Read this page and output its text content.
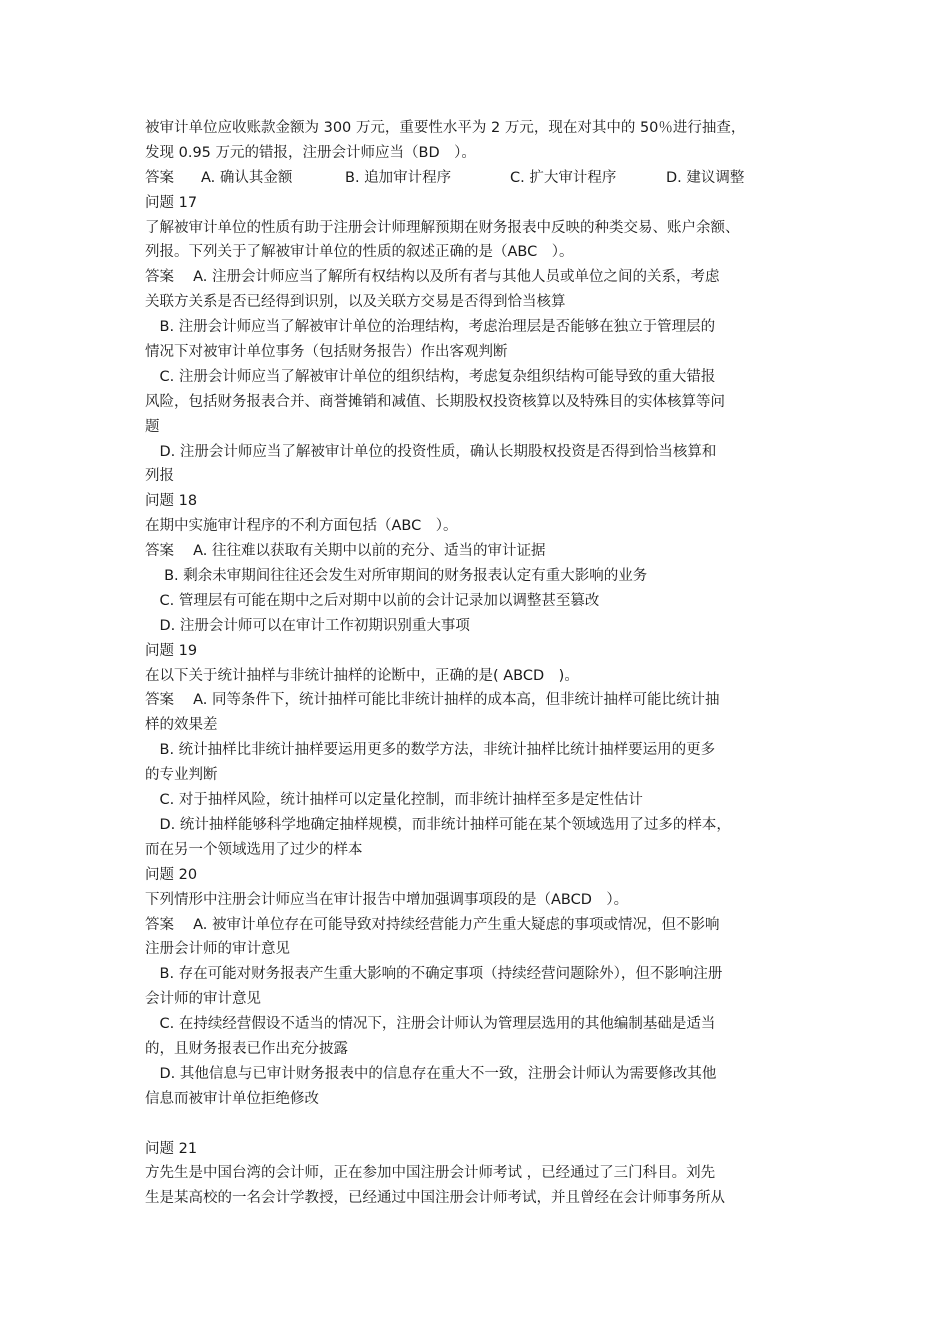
被审计单位应收账款金额为 300 万元，重要性水平为 2 万元，现在对其中的 50％进行抽查，
发现 0.95 万元的错报，注册会计师应当（BD　）。
答案 A. 确认其金额	B. 追加审计程序	C. 扩大审计程序	D. 建议调整
问题 17
了解被审计单位的性质有助于注册会计师理解预期在财务报表中反映的种类交易、账户余额、
列报。下列关于了解被审计单位的性质的叙述正确的是（ABC　）。
答案　 A. 注册会计师应当了解所有权结构以及所有者与其他人员或单位之间的关系，考虑
关联方关系是否已经得到识别，以及关联方交易是否得到恰当核算
　B. 注册会计师应当了解被审计单位的治理结构，考虑治理层是否能够在独立于管理层的
情况下对被审计单位事务（包括财务报告）作出客观判断
　C. 注册会计师应当了解被审计单位的组织结构，考虑复杂组织结构可能导致的重大错报
风险，包括财务报表合并、商誉摊销和减值、长期股权投资核算以及特殊目的实体核算等问
题
　D. 注册会计师应当了解被审计单位的投资性质，确认长期股权投资是否得到恰当核算和
列报
问题 18
在期中实施审计程序的不利方面包括（ABC　）。
答案　 A. 往往难以获取有关期中以前的充分、适当的审计证据
　 B. 剩余未审期间往往还会发生对所审期间的财务报表认定有重大影响的业务
　C. 管理层有可能在期中之后对期中以前的会计记录加以调整甚至篡改
　D. 注册会计师可以在审计工作初期识别重大事项
问题 19
在以下关于统计抽样与非统计抽样的论断中，正确的是( ABCD　)。
答案　 A. 同等条件下，统计抽样可能比非统计抽样的成本高，但非统计抽样可能比统计抽
样的效果差
　B. 统计抽样比非统计抽样要运用更多的数学方法，非统计抽样比统计抽样要运用的更多
的专业判断
　C. 对于抽样风险，统计抽样可以定量化控制，而非统计抽样至多是定性估计
　D. 统计抽样能够科学地确定抽样规模，而非统计抽样可能在某个领域选用了过多的样本，
而在另一个领域选用了过少的样本
问题 20
下列情形中注册会计师应当在审计报告中增加强调事项段的是（ABCD　）。
答案　 A. 被审计单位存在可能导致对持续经营能力产生重大疑虑的事项或情况，但不影响
注册会计师的审计意见
　B. 存在可能对财务报表产生重大影响的不确定事项（持续经营问题除外），但不影响注册
会计师的审计意见
　C. 在持续经营假设不适当的情况下，注册会计师认为管理层选用的其他编制基础是适当
的，且财务报表已作出充分披露
　D. 其他信息与已审计财务报表中的信息存在重大不一致，注册会计师认为需要修改其他
信息而被审计单位拒绝修改
问题 21
方先生是中国台湾的会计师，正在参加中国注册会计师考试 ，已经通过了三门科目。刘先
生是某高校的一名会计学教授，已经通过中国注册会计师考试，并且曾经在会计师事务所从
